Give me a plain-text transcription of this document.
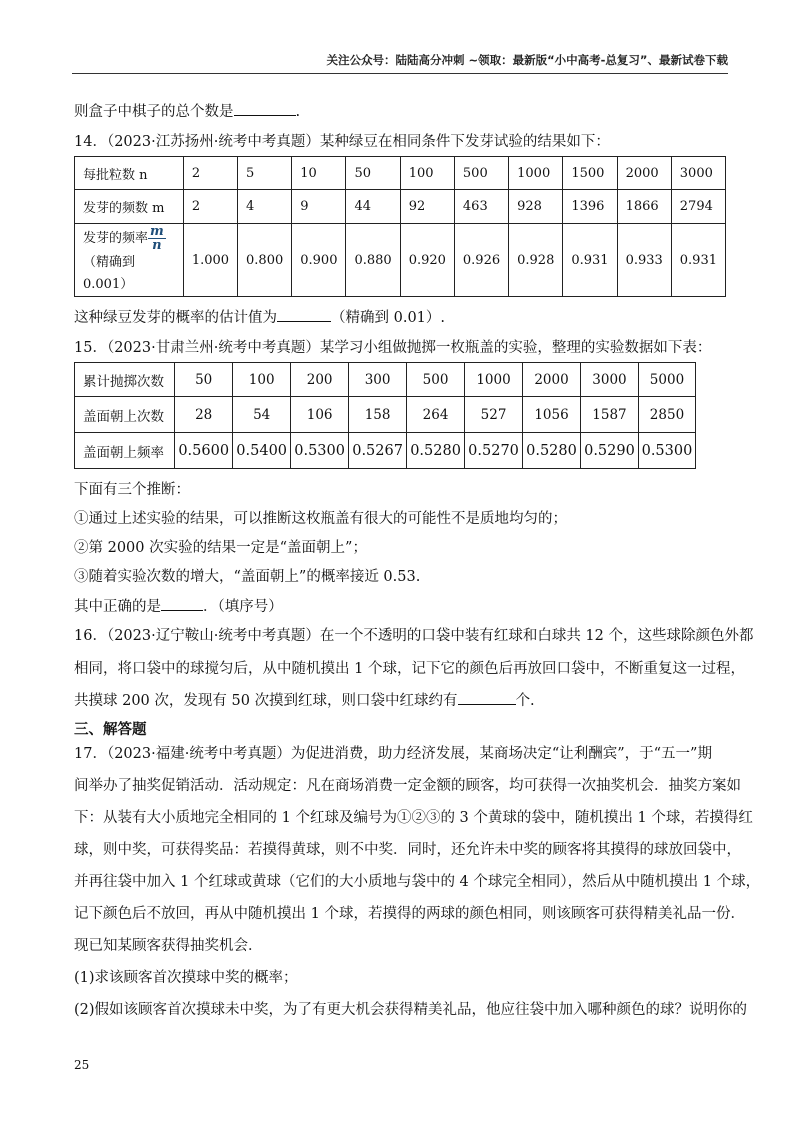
关注公众号：陆陆高分冲刺 ~领取：最新版“小中高考-总复习”、最新试卷下载
则盒子中棋子的总个数是	.
14．（2023·江苏扬州·统考中考真题）某种绿豆在相同条件下发芽试验的结果如下：
每批粒数 n	2	5	10	50	100	500	1000	1500	2000	3000
发芽的频数 m	2	4	9	44	92	463	928	1396	1866	2794
发芽的频率 $\frac{m}{n}$
（精确到
0.001）	1.000	0.800	0.900	0.880	0.920	0.926	0.928	0.931	0.933	0.931
这种绿豆发芽的概率的估计值为	（精确到 0.01）.
15．（2023·甘肃兰州·统考中考真题）某学习小组做抛掷一枚瓶盖的实验，整理的实验数据如下表：
累计抛掷次数	50	100	200	300	500	1000	2000	3000	5000
盖面朝上次数	28	54	106	158	264	527	1056	1587	2850
盖面朝上频率	0.5600	0.5400	0.5300	0.5267	0.5280	0.5270	0.5280	0.5290	0.5300
下面有三个推断：
①通过上述实验的结果，可以推断这枚瓶盖有很大的可能性不是质地均匀的；
②第 2000 次实验的结果一定是“盖面朝上”；
③随着实验次数的增大，“盖面朝上”的概率接近 0.53.
其中正确的是	．（填序号）
16．（2023·辽宁鞍山·统考中考真题）在一个不透明的口袋中装有红球和白球共 12 个，这些球除颜色外都
相同，将口袋中的球搅匀后，从中随机摸出 1 个球，记下它的颜色后再放回口袋中，不断重复这一过程，
共摸球 200 次，发现有 50 次摸到红球，则口袋中红球约有	个.
三、解答题
17．（2023·福建·统考中考真题）为促进消费，助力经济发展，某商场决定“让利酬宾”，于“五一”期
间举办了抽奖促销活动．活动规定：凡在商场消费一定金额的顾客，均可获得一次抽奖机会．抽奖方案如
下：从装有大小质地完全相同的 1 个红球及编号为①②③的 3 个黄球的袋中，随机摸出 1 个球，若摸得红
球，则中奖，可获得奖品：若摸得黄球，则不中奖．同时，还允许未中奖的顾客将其摸得的球放回袋中，
并再往袋中加入 1 个红球或黄球（它们的大小质地与袋中的 4 个球完全相同），然后从中随机摸出 1 个球，
记下颜色后不放回，再从中随机摸出 1 个球，若摸得的两球的颜色相同，则该顾客可获得精美礼品一份．
现已知某顾客获得抽奖机会．
(1)求该顾客首次摸球中奖的概率；
(2)假如该顾客首次摸球未中奖，为了有更大机会获得精美礼品，他应往袋中加入哪种颜色的球？说明你的
25
